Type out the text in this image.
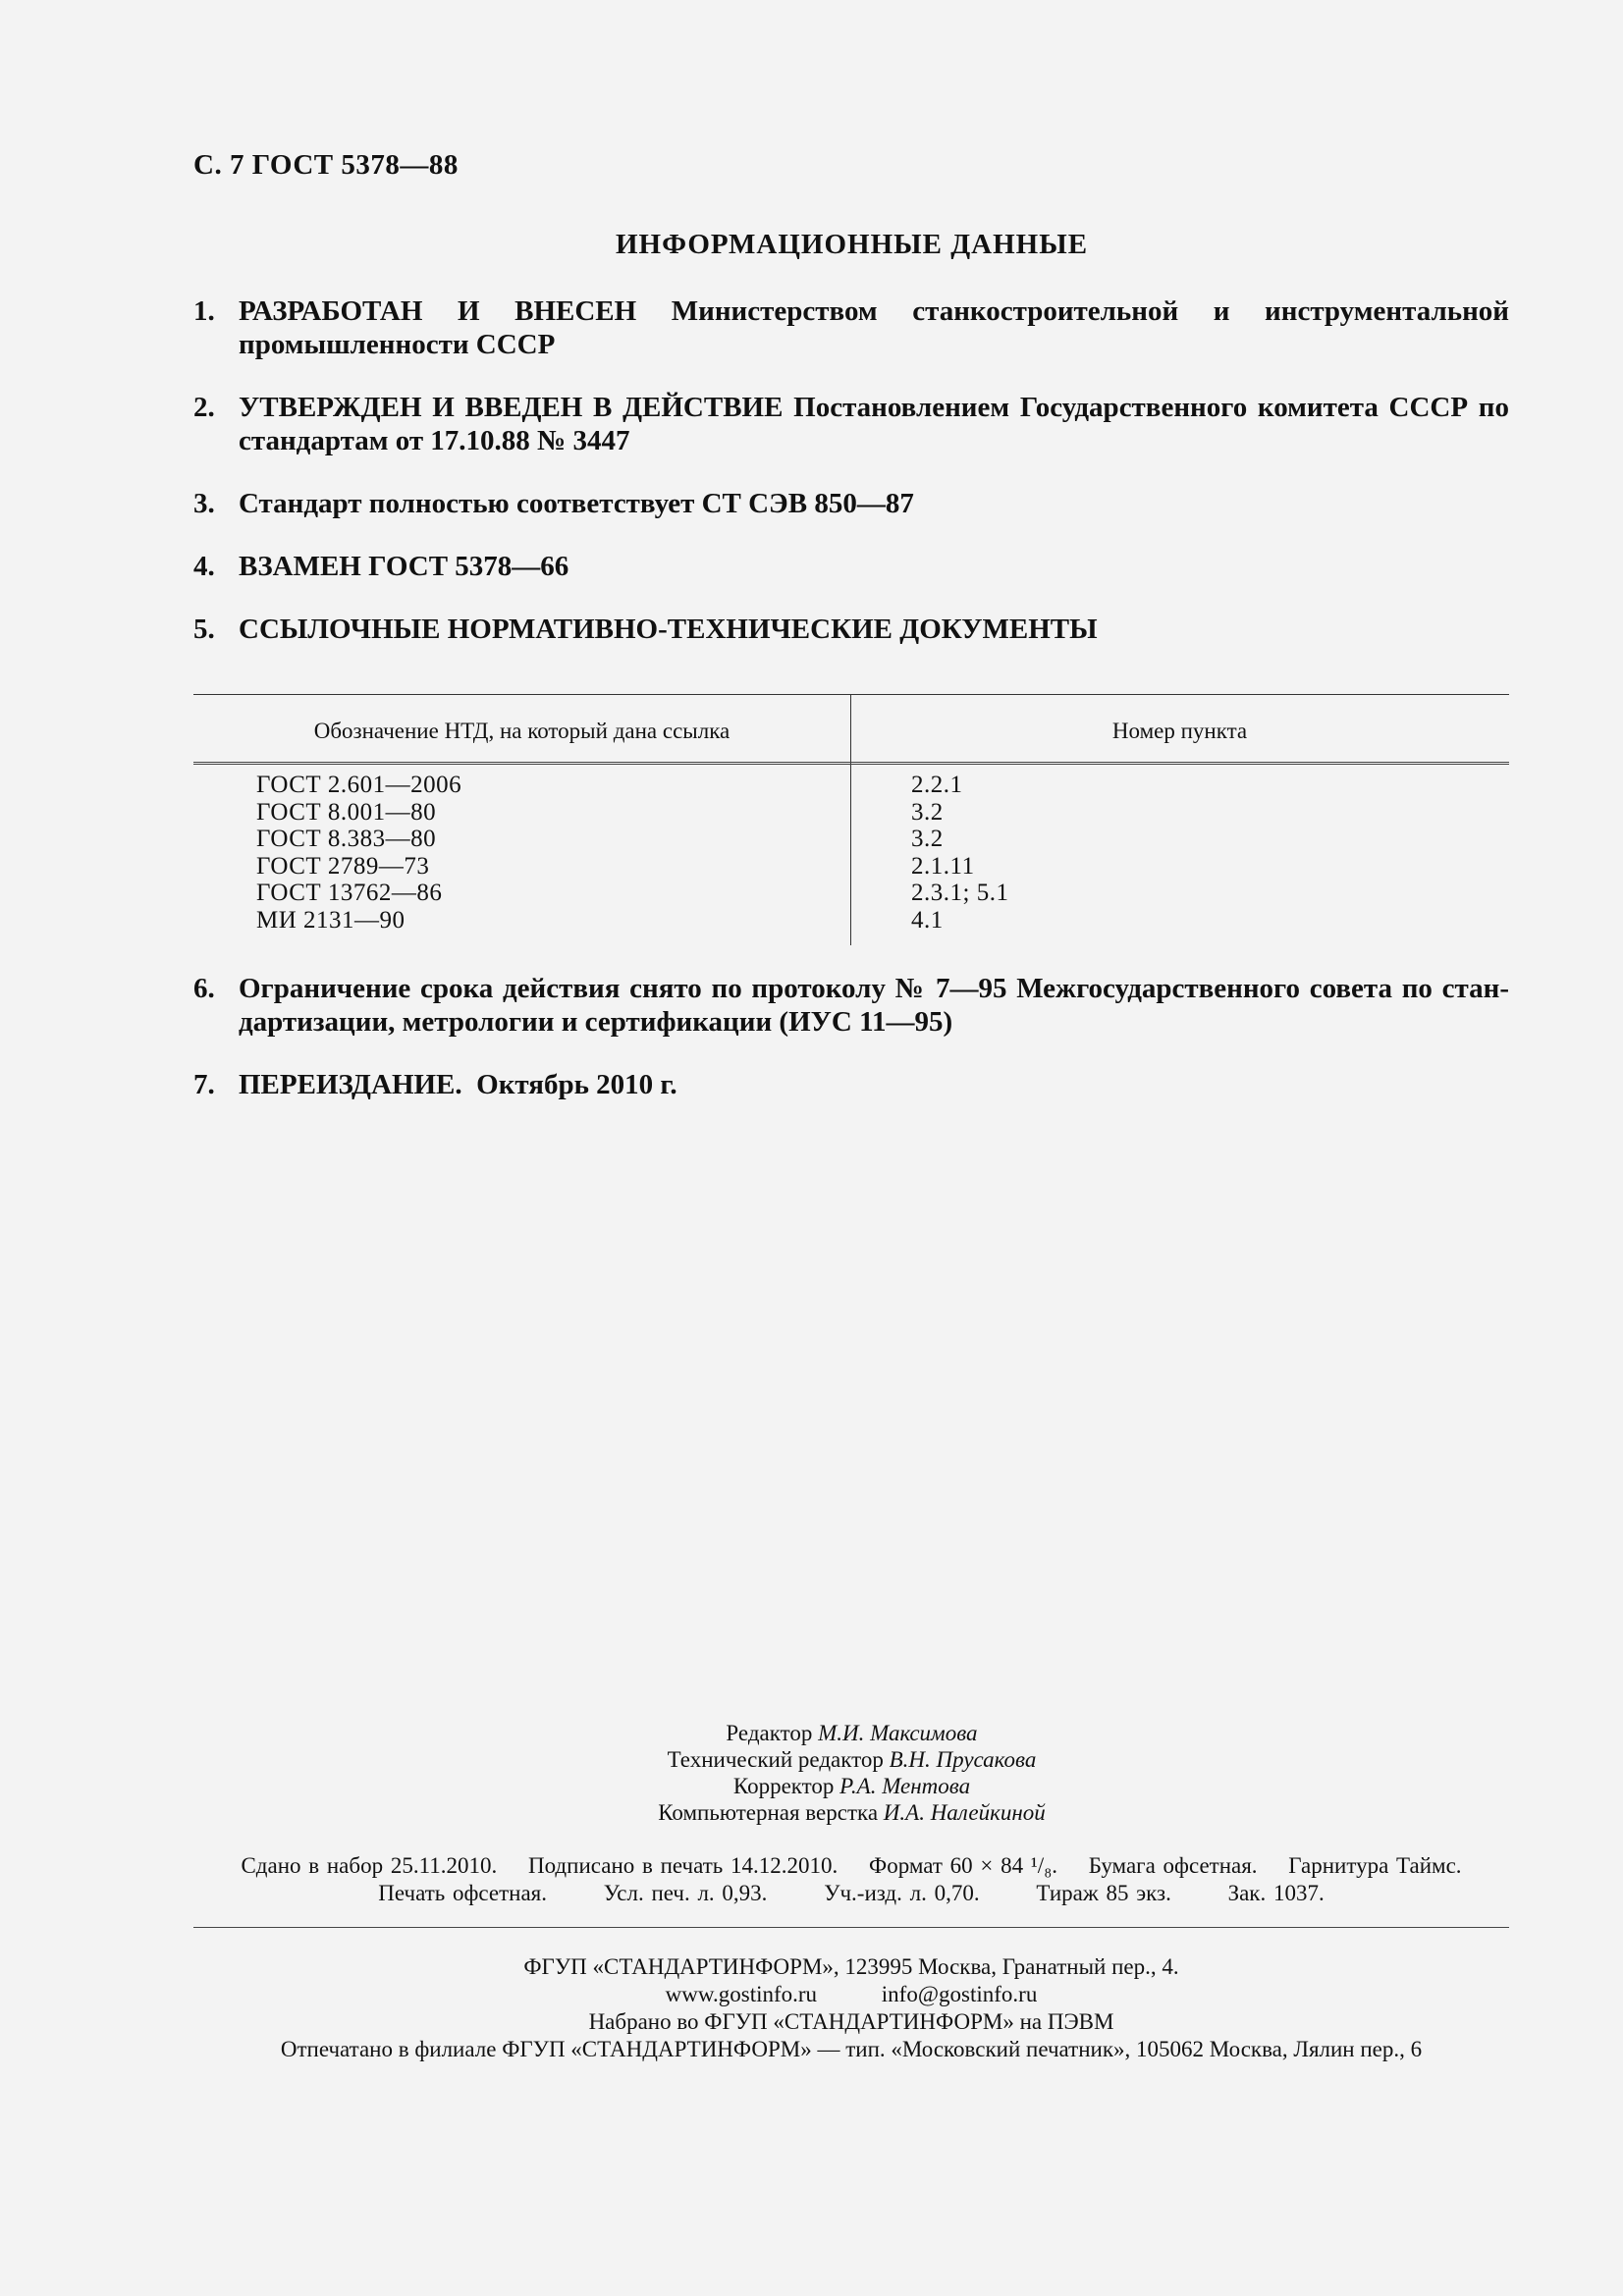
С. 7 ГОСТ 5378—88
ИНФОРМАЦИОННЫЕ ДАННЫЕ
1. РАЗРАБОТАН И ВНЕСЕН Министерством станкостроительной и инструментальной промышленности СССР
2. УТВЕРЖДЕН И ВВЕДЕН В ДЕЙСТВИЕ Постановлением Государственного комитета СССР по стандартам от 17.10.88 № 3447
3. Стандарт полностью соответствует СТ СЭВ 850—87
4. ВЗАМЕН ГОСТ 5378—66
5. ССЫЛОЧНЫЕ НОРМАТИВНО-ТЕХНИЧЕСКИЕ ДОКУМЕНТЫ
Обозначение НТД, на который дана ссылка	Номер пункта
ГОСТ 2.601—2006	2.2.1
ГОСТ 8.001—80	3.2
ГОСТ 8.383—80	3.2
ГОСТ 2789—73	2.1.11
ГОСТ 13762—86	2.3.1; 5.1
МИ 2131—90	4.1
6. Ограничение срока действия снято по протоколу № 7—95 Межгосударственного совета по стандартизации, метрологии и сертификации (ИУС 11—95)
7. ПЕРЕИЗДАНИЕ.  Октябрь 2010 г.
Редактор М.И. Максимова
Технический редактор В.Н. Прусакова
Корректор Р.А. Ментова
Компьютерная верстка И.А. Налейкиной
Сдано в набор 25.11.2010. Подписано в печать 14.12.2010. Формат 60 × 84 ¹/₈. Бумага офсетная. Гарнитура Таймс.
Печать офсетная.	Усл. печ. л. 0,93.	Уч.-изд. л. 0,70.	Тираж 85 экз.	Зак. 1037.
ФГУП «СТАНДАРТИНФОРМ», 123995 Москва, Гранатный пер., 4.
www.gostinfo.ru	info@gostinfo.ru
Набрано во ФГУП «СТАНДАРТИНФОРМ» на ПЭВМ
Отпечатано в филиале ФГУП «СТАНДАРТИНФОРМ» — тип. «Московский печатник», 105062 Москва, Лялин пер., 6
